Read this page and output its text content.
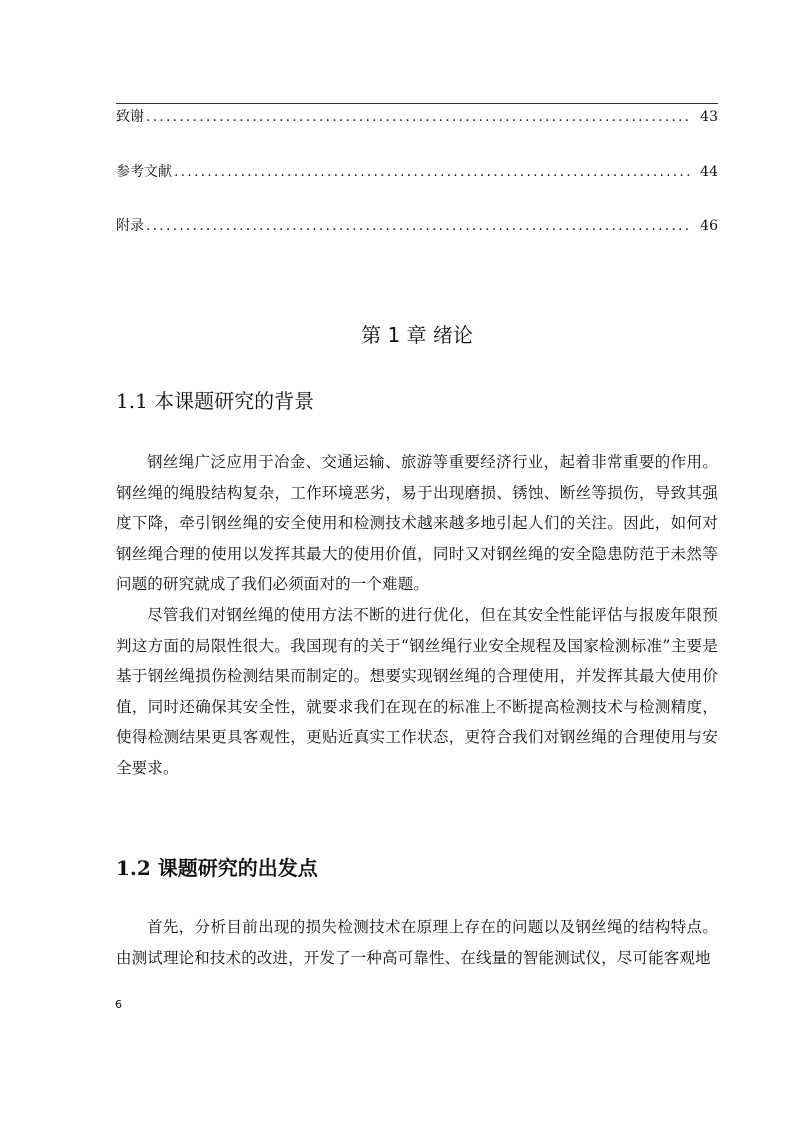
致谢 .....	43
参考文献 .....	44
附录 .....	46
第 1 章 绪论
1.1 本课题研究的背景

钢丝绳广泛应用于冶金、交通运输、旅游等重要经济行业，起着非常重要的作用。钢丝绳的绳股结构复杂，工作环境恶劣，易于出现磨损、锈蚀、断丝等损伤，导致其强度下降，牵引钢丝绳的安全使用和检测技术越来越多地引起人们的关注。因此，如何对钢丝绳合理的使用以发挥其最大的使用价值，同时又对钢丝绳的安全隐患防范于未然等问题的研究就成了我们必须面对的一个难题。

尽管我们对钢丝绳的使用方法不断的进行优化，但在其安全性能评估与报废年限预判这方面的局限性很大。我国现有的关于“钢丝绳行业安全规程及国家检测标准”主要是基于钢丝绳损伤检测结果而制定的。想要实现钢丝绳的合理使用，并发挥其最大使用价值，同时还确保其安全性，就要求我们在现在的标准上不断提高检测技术与检测精度，使得检测结果更具客观性，更贴近真实工作状态，更符合我们对钢丝绳的合理使用与安全要求。

1.2 课题研究的出发点

首先，分析目前出现的损失检测技术在原理上存在的问题以及钢丝绳的结构特点。由测试理论和技术的改进，开发了一种高可靠性、在线量的智能测试仪，尽可能客观地

6
